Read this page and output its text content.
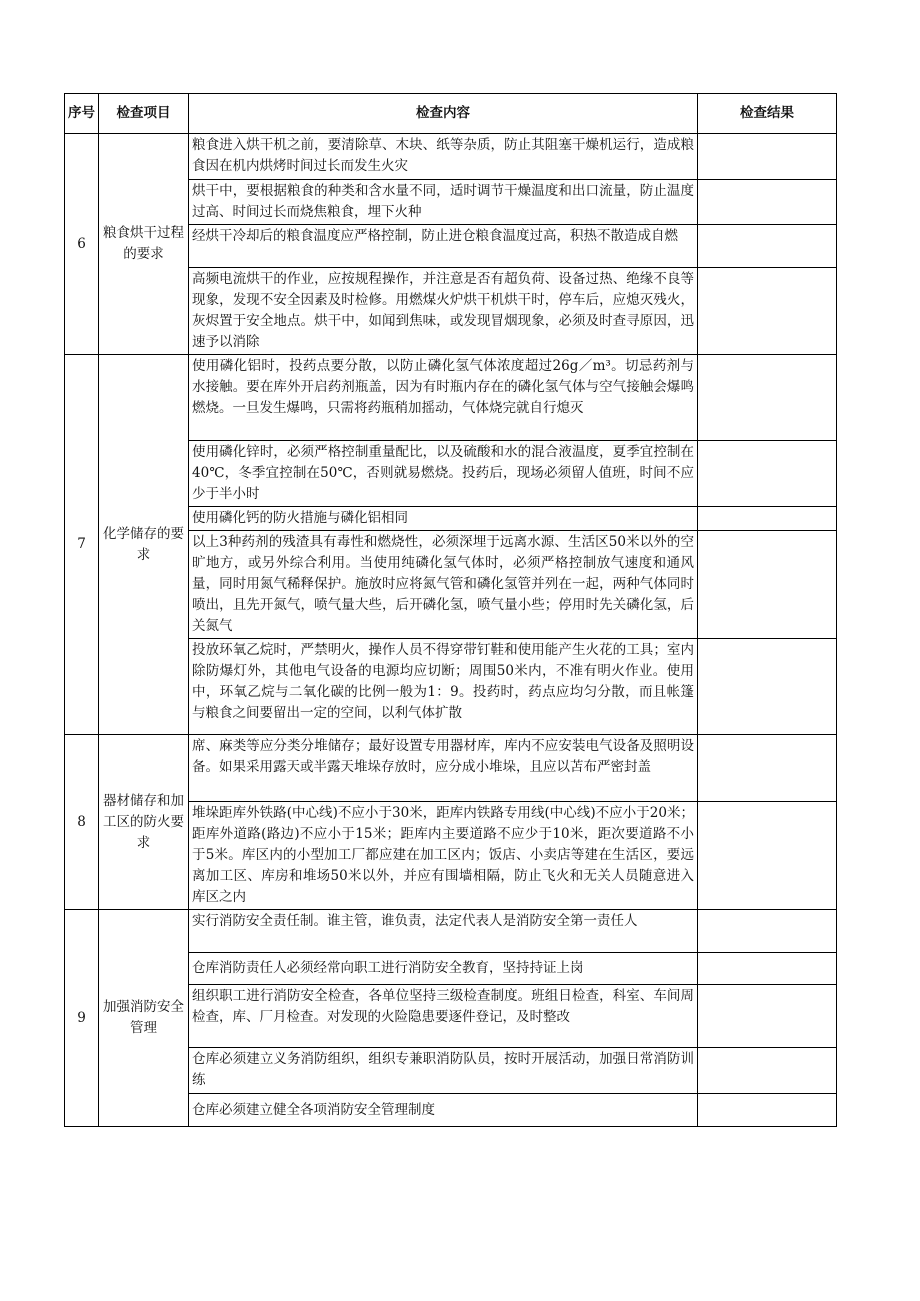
序号	检查项目	检查内容	检查结果
6	粮食烘干过程的要求	粮食进入烘干机之前，要清除草、木块、纸等杂质，防止其阻塞干燥机运行，造成粮食因在机内烘烤时间过长而发生火灾	
		烘干中，要根据粮食的种类和含水量不同，适时调节干燥温度和出口流量，防止温度过高、时间过长而烧焦粮食，埋下火种	
		经烘干冷却后的粮食温度应严格控制，防止进仓粮食温度过高，积热不散造成自燃	
		高频电流烘干的作业，应按规程操作，并注意是否有超负荷、设备过热、绝缘不良等现象，发现不安全因素及时检修。用燃煤火炉烘干机烘干时，停车后，应熄灭残火，灰烬置于安全地点。烘干中，如闻到焦味，或发现冒烟现象，必须及时查寻原因，迅速予以消除	
7	化学储存的要求	使用磷化铝时，投药点要分散，以防止磷化氢气体浓度超过26g／m³。切忌药剂与水接触。要在库外开启药剂瓶盖，因为有时瓶内存在的磷化氢气体与空气接触会爆鸣燃烧。一旦发生爆鸣，只需将药瓶稍加摇动，气体烧完就自行熄灭	
		使用磷化锌时，必须严格控制重量配比，以及硫酸和水的混合液温度，夏季宜控制在40℃，冬季宜控制在50℃，否则就易燃烧。投药后，现场必须留人值班，时间不应少于半小时	
		使用磷化钙的防火措施与磷化铝相同	
		以上3种药剂的残渣具有毒性和燃烧性，必须深埋于远离水源、生活区50米以外的空旷地方，或另外综合利用。当使用纯磷化氢气体时，必须严格控制放气速度和通风量，同时用氮气稀释保护。施放时应将氮气管和磷化氢管并列在一起，两种气体同时喷出，且先开氮气，喷气量大些，后开磷化氢，喷气量小些；停用时先关磷化氢，后关氮气	
		投放环氧乙烷时，严禁明火，操作人员不得穿带钉鞋和使用能产生火花的工具；室内除防爆灯外，其他电气设备的电源均应切断；周围50米内，不准有明火作业。使用中，环氧乙烷与二氧化碳的比例一般为1：9。投药时，药点应均匀分散，而且帐篷与粮食之间要留出一定的空间，以利气体扩散	
8	器材储存和加工区的防火要求	席、麻类等应分类分堆储存；最好设置专用器材库，库内不应安装电气设备及照明设备。如果采用露天或半露天堆垛存放时，应分成小堆垛，且应以苫布严密封盖	
		堆垛距库外铁路(中心线)不应小于30米，距库内铁路专用线(中心线)不应小于20米；距库外道路(路边)不应小于15米；距库内主要道路不应少于10米，距次要道路不小于5米。库区内的小型加工厂都应建在加工区内；饭店、小卖店等建在生活区，要远离加工区、库房和堆场50米以外，并应有围墙相隔，防止飞火和无关人员随意进入库区之内	
9	加强消防安全管理	实行消防安全责任制。谁主管，谁负责，法定代表人是消防安全第一责任人	
		仓库消防责任人必须经常向职工进行消防安全教育，坚持持证上岗	
		组织职工进行消防安全检查，各单位坚持三级检查制度。班组日检查，科室、车间周检查，库、厂月检查。对发现的火险隐患要逐件登记，及时整改	
		仓库必须建立义务消防组织，组织专兼职消防队员，按时开展活动，加强日常消防训练	
		仓库必须建立健全各项消防安全管理制度	
